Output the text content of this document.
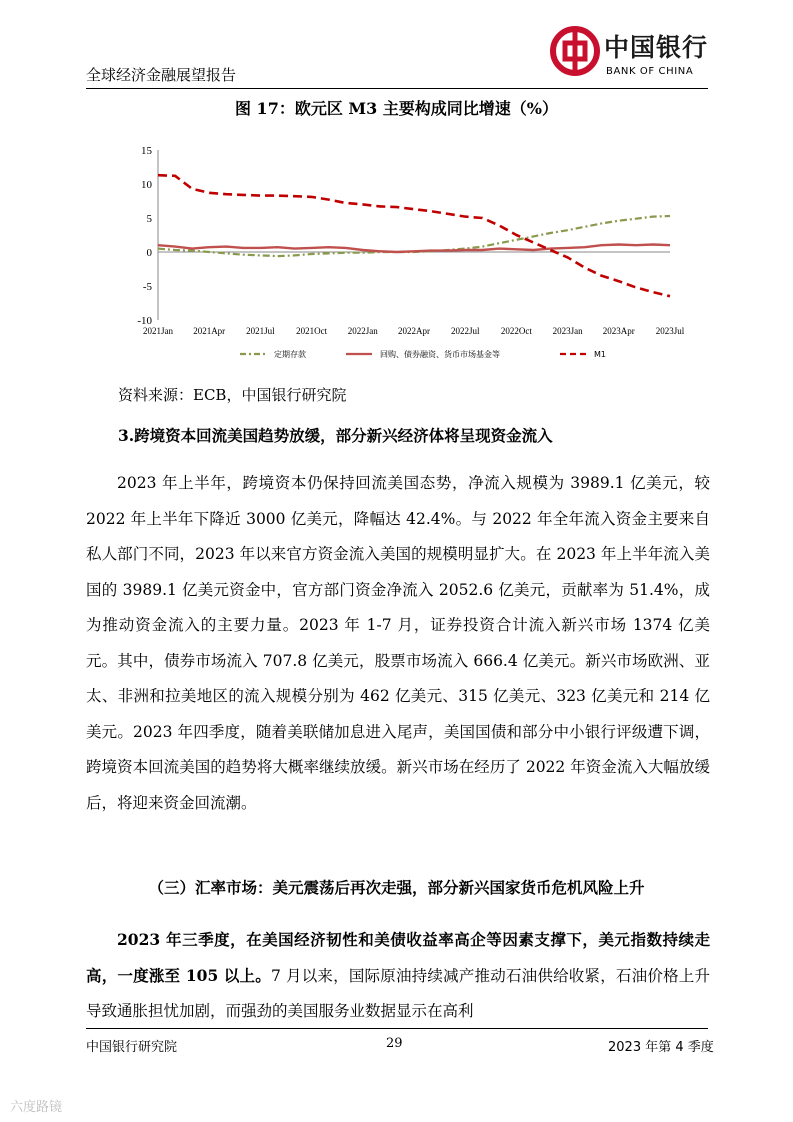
全球经济金融展望报告
中国银行
BANK OF CHINA
图 17：欧元区 M3 主要构成同比增速（%）
15
10
5
0
-5
-10
2021Jan 2021Apr 2021Jul 2021Oct 2022Jan 2022Apr 2022Jul 2022Oct 2023Jan 2023Apr 2023Jul
定期存款	回购、债券融资、货币市场基金等	M1
资料来源：ECB，中国银行研究院
3.跨境资本回流美国趋势放缓，部分新兴经济体将呈现资金流入

2023 年上半年，跨境资本仍保持回流美国态势，净流入规模为 3989.1 亿美元，较 2022 年上半年下降近 3000 亿美元，降幅达 42.4%。与 2022 年全年流入资金主要来自私人部门不同，2023 年以来官方资金流入美国的规模明显扩大。在 2023 年上半年流入美国的 3989.1 亿美元资金中，官方部门资金净流入 2052.6 亿美元，贡献率为 51.4%，成为推动资金流入的主要力量。2023 年 1-7 月，证券投资合计流入新兴市场 1374 亿美元。其中，债券市场流入 707.8 亿美元，股票市场流入 666.4 亿美元。新兴市场欧洲、亚太、非洲和拉美地区的流入规模分别为 462 亿美元、315 亿美元、323 亿美元和 214 亿美元。2023 年四季度，随着美联储加息进入尾声，美国国债和部分中小银行评级遭下调，跨境资本回流美国的趋势将大概率继续放缓。新兴市场在经历了 2022 年资金流入大幅放缓后，将迎来资金回流潮。

（三）汇率市场：美元震荡后再次走强，部分新兴国家货币危机风险上升

2023 年三季度，在美国经济韧性和美债收益率高企等因素支撑下，美元指数持续走高，一度涨至 105 以上。7 月以来，国际原油持续减产推动石油供给收紧，石油价格上升导致通胀担忧加剧，而强劲的美国服务业数据显示在高利

中国银行研究院	29	2023 年第 4 季度
六度路镜
